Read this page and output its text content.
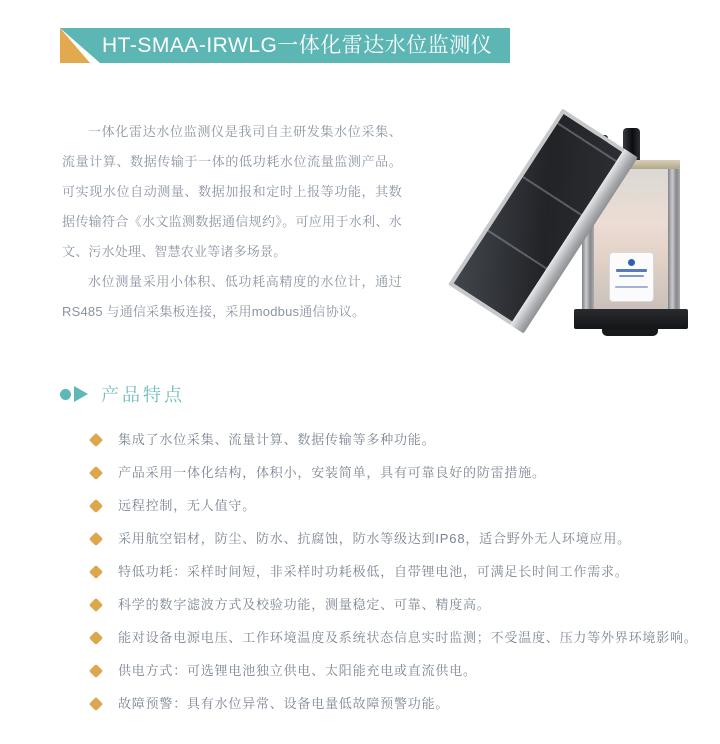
HT-SMAA-IRWLG一体化雷达水位监测仪

一体化雷达水位监测仪是我司自主研发集水位采集、流量计算、数据传输于一体的低功耗水位流量监测产品。可实现水位自动测量、数据加报和定时上报等功能，其数据传输符合《水文监测数据通信规约》。可应用于水利、水文、污水处理、智慧农业等诸多场景。

水位测量采用小体积、低功耗高精度的水位计，通过RS485 与通信采集板连接，采用modbus通信协议。

产品特点
集成了水位采集、流量计算、数据传输等多种功能。
产品采用一体化结构，体积小，安装简单，具有可靠良好的防雷措施。
远程控制，无人值守。
采用航空铝材，防尘、防水、抗腐蚀，防水等级达到IP68，适合野外无人环境应用。
特低功耗：采样时间短，非采样时功耗极低，自带锂电池，可满足长时间工作需求。
科学的数字滤波方式及校验功能，测量稳定、可靠、精度高。
能对设备电源电压、工作环境温度及系统状态信息实时监测；不受温度、压力等外界环境影响。
供电方式：可选锂电池独立供电、太阳能充电或直流供电。
故障预警：具有水位异常、设备电量低故障预警功能。
